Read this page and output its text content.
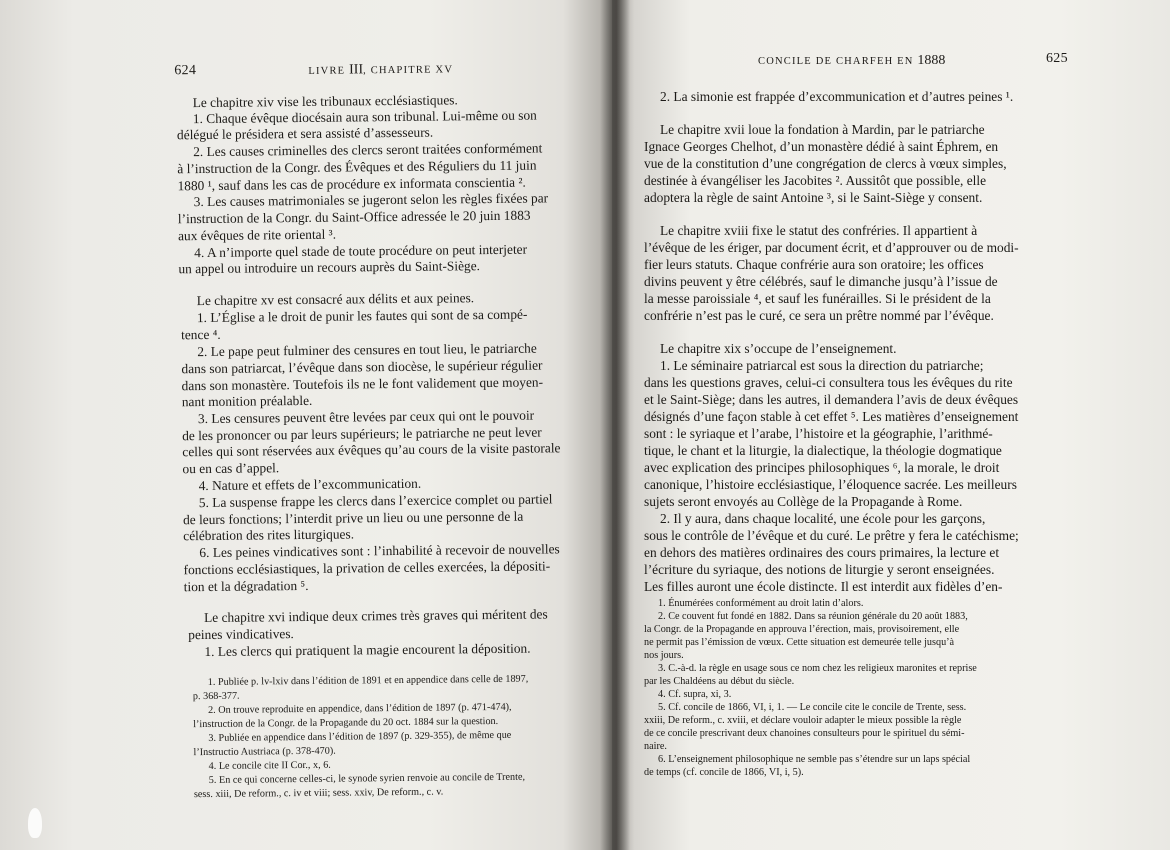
624	LIVRE III, CHAPITRE XV
Le chapitre xiv vise les tribunaux ecclésiastiques.
1. Chaque évêque diocésain aura son tribunal. Lui-même ou son
délégué le présidera et sera assisté d’assesseurs.
2. Les causes criminelles des clercs seront traitées conformément
à l’instruction de la Congr. des Évêques et des Réguliers du 11 juin
1880 ¹, sauf dans les cas de procédure ex informata conscientia ².
3. Les causes matrimoniales se jugeront selon les règles fixées par
l’instruction de la Congr. du Saint-Office adressée le 20 juin 1883
aux évêques de rite oriental ³.
4. A n’importe quel stade de toute procédure on peut interjeter
un appel ou introduire un recours auprès du Saint-Siège.
Le chapitre xv est consacré aux délits et aux peines.
1. L’Église a le droit de punir les fautes qui sont de sa compé-
tence ⁴.
2. Le pape peut fulminer des censures en tout lieu, le patriarche
dans son patriarcat, l’évêque dans son diocèse, le supérieur régulier
dans son monastère. Toutefois ils ne le font validement que moyen-
nant monition préalable.
3. Les censures peuvent être levées par ceux qui ont le pouvoir
de les prononcer ou par leurs supérieurs; le patriarche ne peut lever
celles qui sont réservées aux évêques qu’au cours de la visite pastorale
ou en cas d’appel.
4. Nature et effets de l’excommunication.
5. La suspense frappe les clercs dans l’exercice complet ou partiel
de leurs fonctions; l’interdit prive un lieu ou une personne de la
célébration des rites liturgiques.
6. Les peines vindicatives sont : l’inhabilité à recevoir de nouvelles
fonctions ecclésiastiques, la privation de celles exercées, la dépositi-
tion et la dégradation ⁵.
Le chapitre xvi indique deux crimes très graves qui méritent des
peines vindicatives.
1. Les clercs qui pratiquent la magie encourent la déposition.
1. Publiée p. lv-lxiv dans l’édition de 1891 et en appendice dans celle de 1897,
p. 368-377.
2. On trouve reproduite en appendice, dans l’édition de 1897 (p. 471-474),
l’instruction de la Congr. de la Propagande du 20 oct. 1884 sur la question.
3. Publiée en appendice dans l’édition de 1897 (p. 329-355), de même que
l’Instructio Austriaca (p. 378-470).
4. Le concile cite II Cor., x, 6.
5. En ce qui concerne celles-ci, le synode syrien renvoie au concile de Trente,
sess. xiii, De reform., c. iv et viii; sess. xxiv, De reform., c. v.
CONCILE DE CHARFEH EN 1888	625
2. La simonie est frappée d’excommunication et d’autres peines ¹.
Le chapitre xvii loue la fondation à Mardin, par le patriarche
Ignace Georges Chelhot, d’un monastère dédié à saint Éphrem, en
vue de la constitution d’une congrégation de clercs à vœux simples,
destinée à évangéliser les Jacobites ². Aussitôt que possible, elle
adoptera la règle de saint Antoine ³, si le Saint-Siège y consent.
Le chapitre xviii fixe le statut des confréries. Il appartient à
l’évêque de les ériger, par document écrit, et d’approuver ou de modi-
fier leurs statuts. Chaque confrérie aura son oratoire; les offices
divins peuvent y être célébrés, sauf le dimanche jusqu’à l’issue de
la messe paroissiale ⁴, et sauf les funérailles. Si le président de la
confrérie n’est pas le curé, ce sera un prêtre nommé par l’évêque.
Le chapitre xix s’occupe de l’enseignement.
1. Le séminaire patriarcal est sous la direction du patriarche;
dans les questions graves, celui-ci consultera tous les évêques du rite
et le Saint-Siège; dans les autres, il demandera l’avis de deux évêques
désignés d’une façon stable à cet effet ⁵. Les matières d’enseignement
sont : le syriaque et l’arabe, l’histoire et la géographie, l’arithmé-
tique, le chant et la liturgie, la dialectique, la théologie dogmatique
avec explication des principes philosophiques ⁶, la morale, le droit
canonique, l’histoire ecclésiastique, l’éloquence sacrée. Les meilleurs
sujets seront envoyés au Collège de la Propagande à Rome.
2. Il y aura, dans chaque localité, une école pour les garçons,
sous le contrôle de l’évêque et du curé. Le prêtre y fera le catéchisme;
en dehors des matières ordinaires des cours primaires, la lecture et
l’écriture du syriaque, des notions de liturgie y seront enseignées.
Les filles auront une école distincte. Il est interdit aux fidèles d’en-
1. Énumérées conformément au droit latin d’alors.
2. Ce couvent fut fondé en 1882. Dans sa réunion générale du 20 août 1883,
la Congr. de la Propagande en approuva l’érection, mais, provisoirement, elle
ne permit pas l’émission de vœux. Cette situation est demeurée telle jusqu’à
nos jours.
3. C.-à-d. la règle en usage sous ce nom chez les religieux maronites et reprise
par les Chaldéens au début du siècle.
4. Cf. supra, xi, 3.
5. Cf. concile de 1866, VI, i, 1. — Le concile cite le concile de Trente, sess.
xxiii, De reform., c. xviii, et déclare vouloir adapter le mieux possible la règle
de ce concile prescrivant deux chanoines consulteurs pour le spirituel du sémi-
naire.
6. L’enseignement philosophique ne semble pas s’étendre sur un laps spécial
de temps (cf. concile de 1866, VI, i, 5).
